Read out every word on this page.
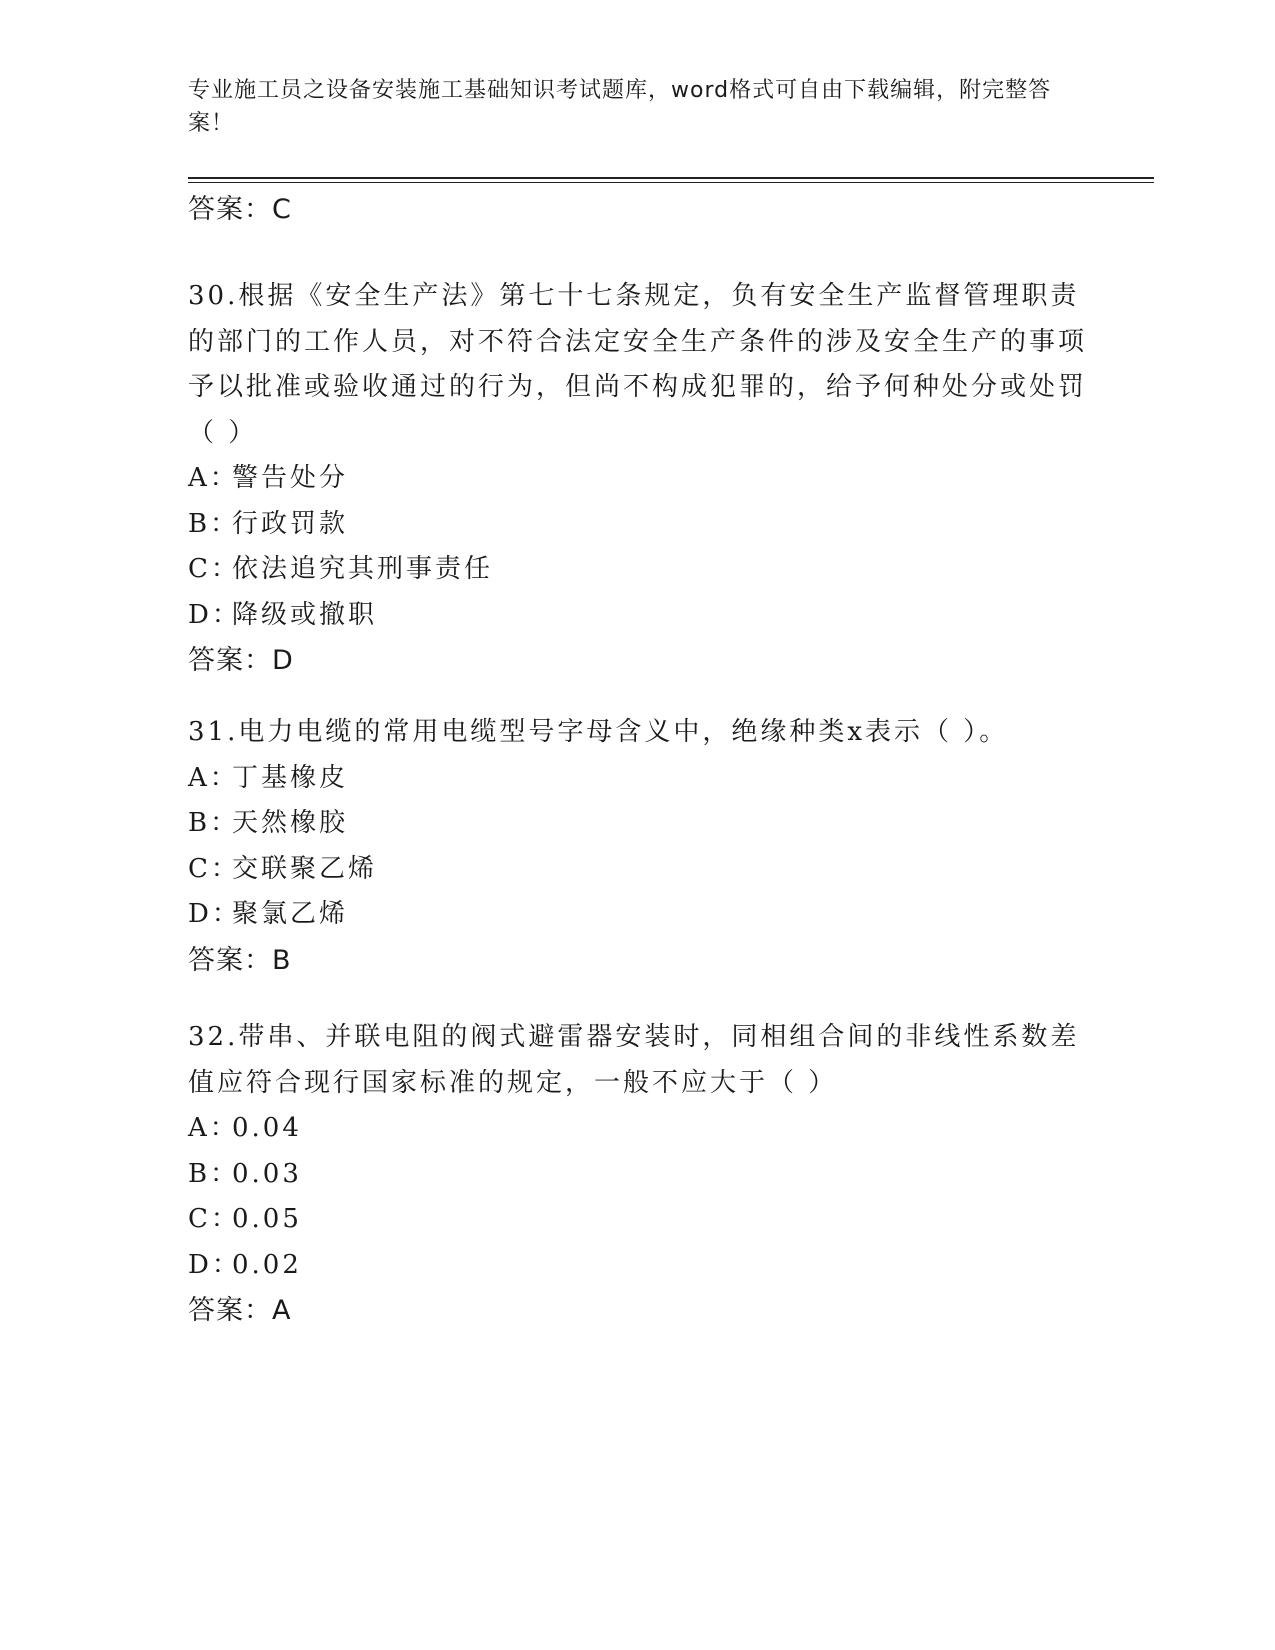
专业施工员之设备安装施工基础知识考试题库，word格式可自由下载编辑，附完整答案！
答案：C
30.根据《安全生产法》第七十七条规定，负有安全生产监督管理职责的部门的工作人员，对不符合法定安全生产条件的涉及安全生产的事项予以批准或验收通过的行为，但尚不构成犯罪的，给予何种处分或处罚（ ）
A：警告处分
B：行政罚款
C：依法追究其刑事责任
D：降级或撤职
答案：D
31.电力电缆的常用电缆型号字母含义中，绝缘种类x表示（ ）。
A：丁基橡皮
B：天然橡胶
C：交联聚乙烯
D：聚氯乙烯
答案：B
32.带串、并联电阻的阀式避雷器安装时，同相组合间的非线性系数差值应符合现行国家标准的规定，一般不应大于（ ）
A：0.04
B：0.03
C：0.05
D：0.02
答案：A
